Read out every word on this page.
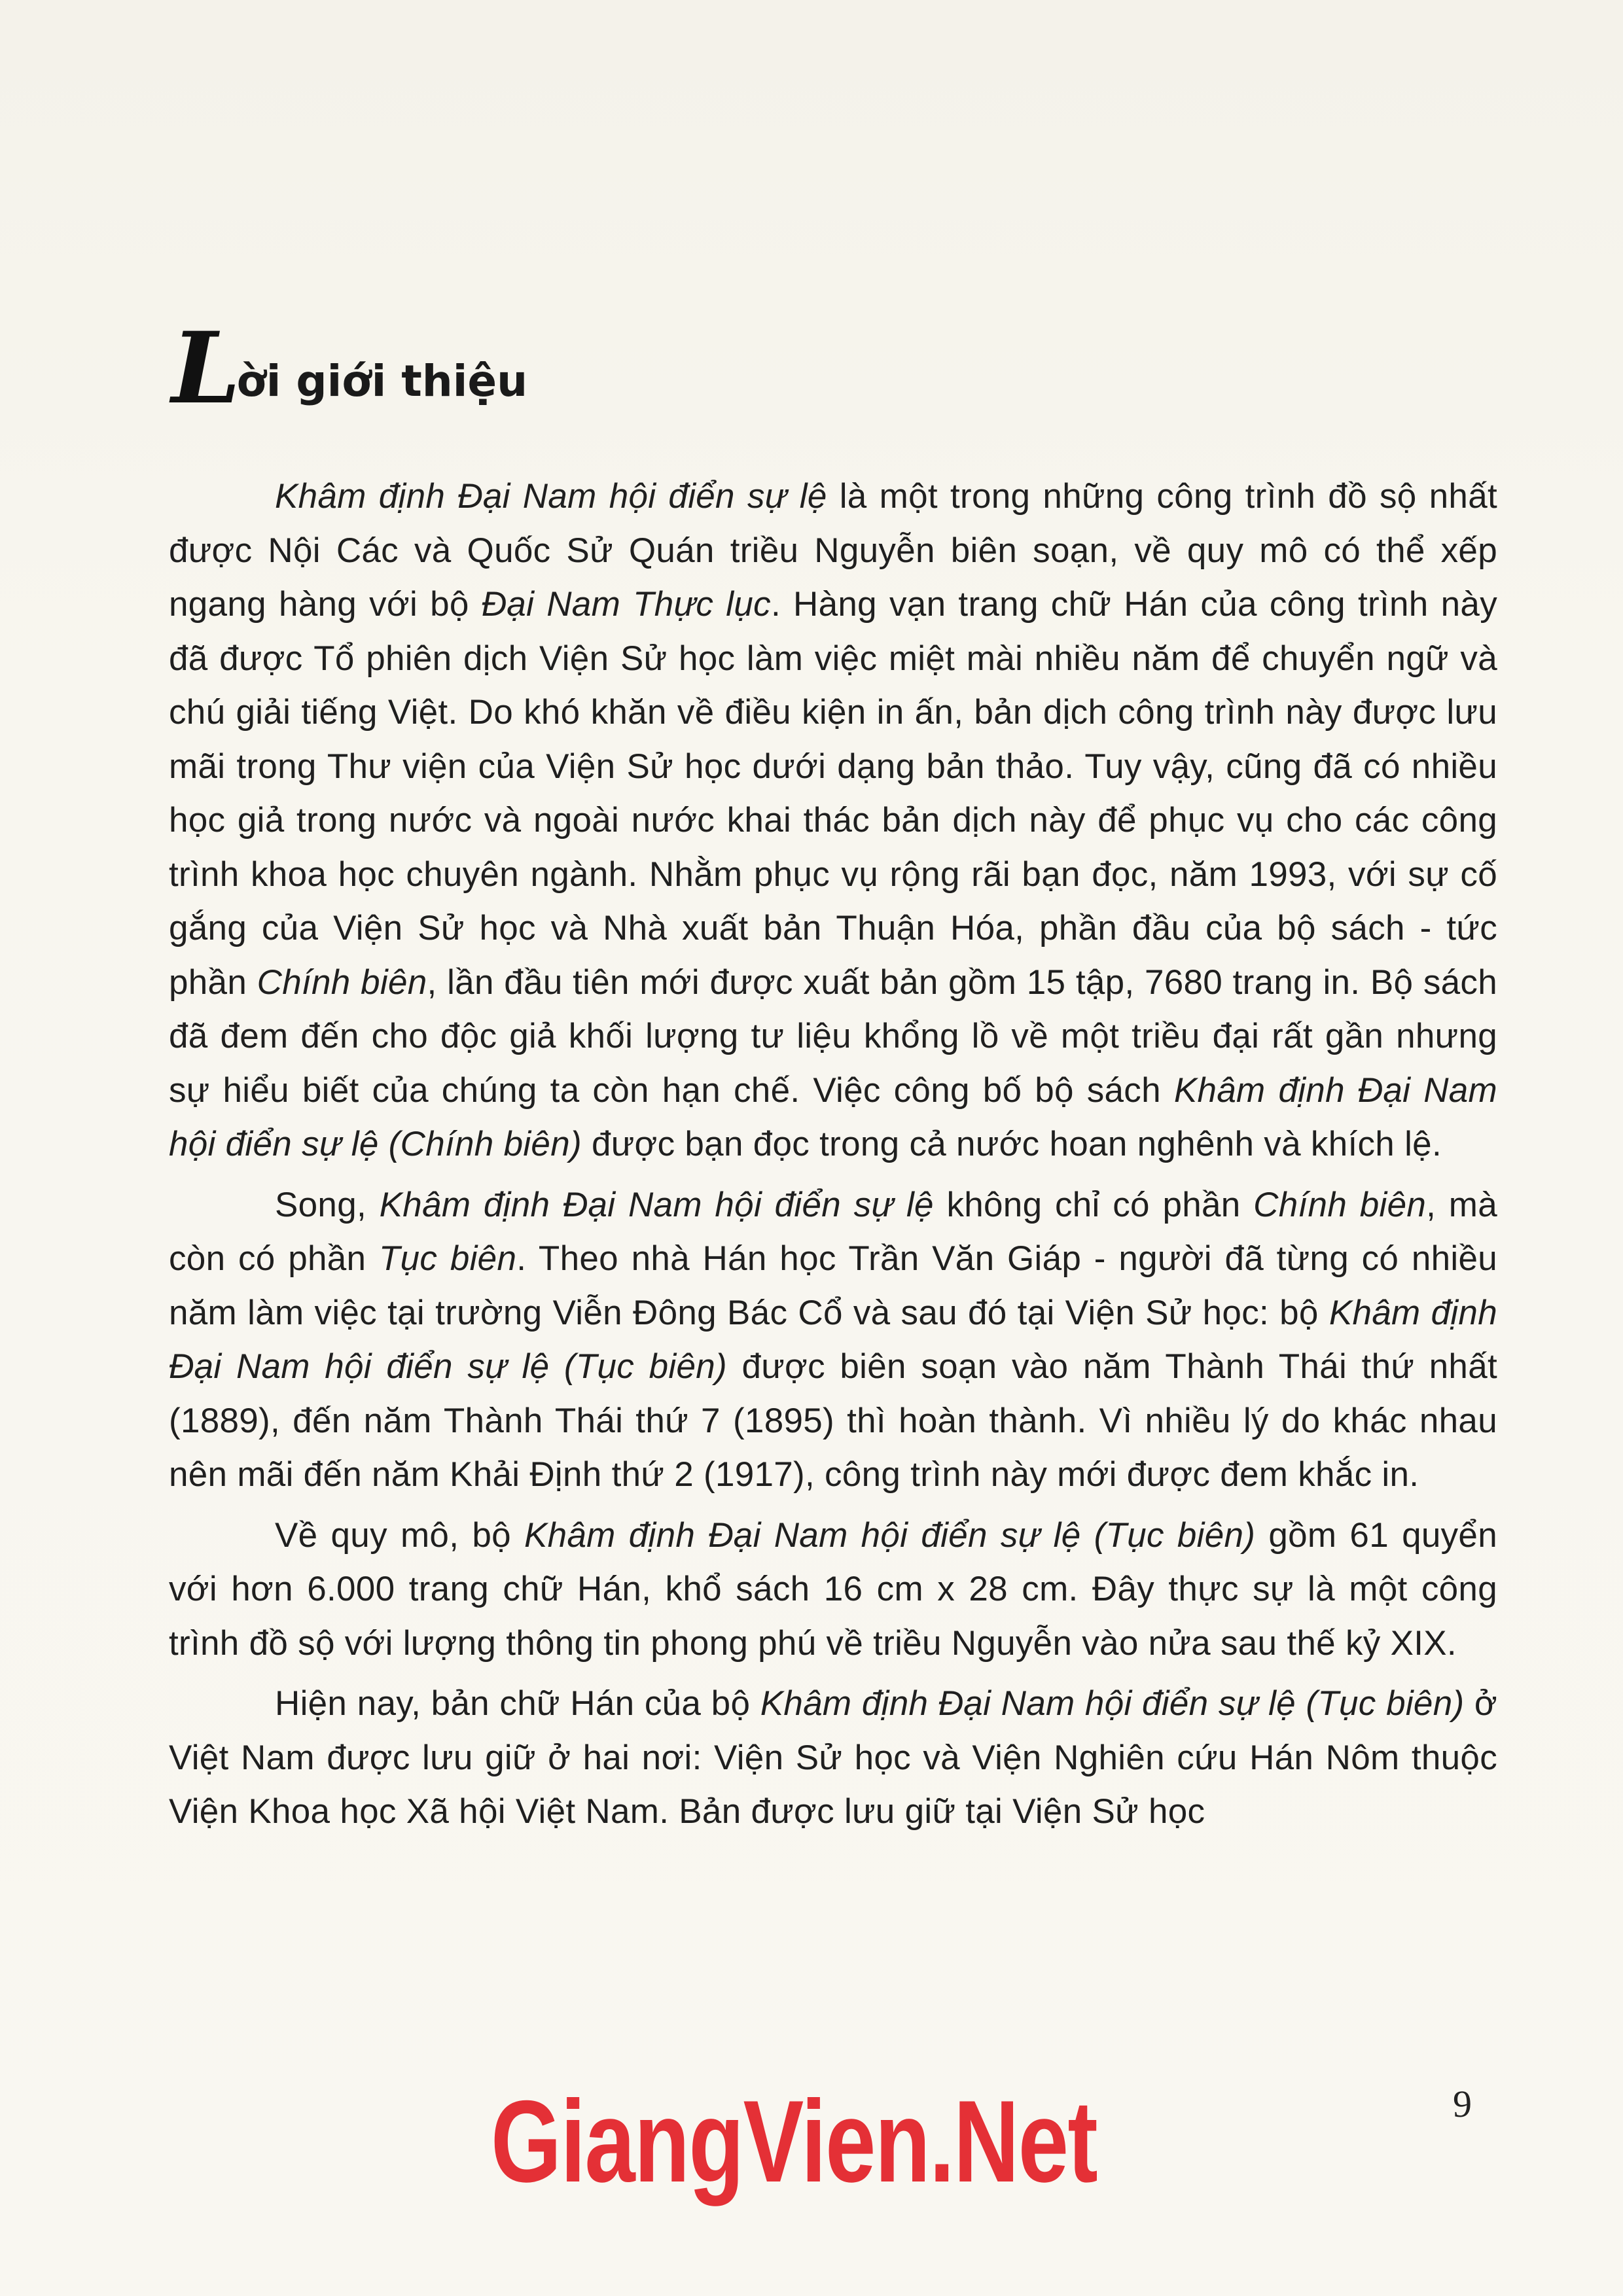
L
ời giới thiệu

Khâm định Đại Nam hội điển sự lệ là một trong những công trình đồ sộ nhất được Nội Các và Quốc Sử Quán triều Nguyễn biên soạn, về quy mô có thể xếp ngang hàng với bộ Đại Nam Thực lục. Hàng vạn trang chữ Hán của công trình này đã được Tổ phiên dịch Viện Sử học làm việc miệt mài nhiều năm để chuyển ngữ và chú giải tiếng Việt. Do khó khăn về điều kiện in ấn, bản dịch công trình này được lưu mãi trong Thư viện của Viện Sử học dưới dạng bản thảo. Tuy vậy, cũng đã có nhiều học giả trong nước và ngoài nước khai thác bản dịch này để phục vụ cho các công trình khoa học chuyên ngành. Nhằm phục vụ rộng rãi bạn đọc, năm 1993, với sự cố gắng của Viện Sử học và Nhà xuất bản Thuận Hóa, phần đầu của bộ sách - tức phần Chính biên, lần đầu tiên mới được xuất bản gồm 15 tập, 7680 trang in. Bộ sách đã đem đến cho độc giả khối lượng tư liệu khổng lồ về một triều đại rất gần nhưng sự hiểu biết của chúng ta còn hạn chế. Việc công bố bộ sách Khâm định Đại Nam hội điển sự lệ (Chính biên) được bạn đọc trong cả nước hoan nghênh và khích lệ.

Song, Khâm định Đại Nam hội điển sự lệ không chỉ có phần Chính biên, mà còn có phần Tục biên. Theo nhà Hán học Trần Văn Giáp - người đã từng có nhiều năm làm việc tại trường Viễn Đông Bác Cổ và sau đó tại Viện Sử học: bộ Khâm định Đại Nam hội điển sự lệ (Tục biên) được biên soạn vào năm Thành Thái thứ nhất (1889), đến năm Thành Thái thứ 7 (1895) thì hoàn thành. Vì nhiều lý do khác nhau nên mãi đến năm Khải Định thứ 2 (1917), công trình này mới được đem khắc in.

Về quy mô, bộ Khâm định Đại Nam hội điển sự lệ (Tục biên) gồm 61 quyển với hơn 6.000 trang chữ Hán, khổ sách 16 cm x 28 cm. Đây thực sự là một công trình đồ sộ với lượng thông tin phong phú về triều Nguyễn vào nửa sau thế kỷ XIX.

Hiện nay, bản chữ Hán của bộ Khâm định Đại Nam hội điển sự lệ (Tục biên) ở Việt Nam được lưu giữ ở hai nơi: Viện Sử học và Viện Nghiên cứu Hán Nôm thuộc Viện Khoa học Xã hội Việt Nam. Bản được lưu giữ tại Viện Sử học

GiangVien.Net	9
